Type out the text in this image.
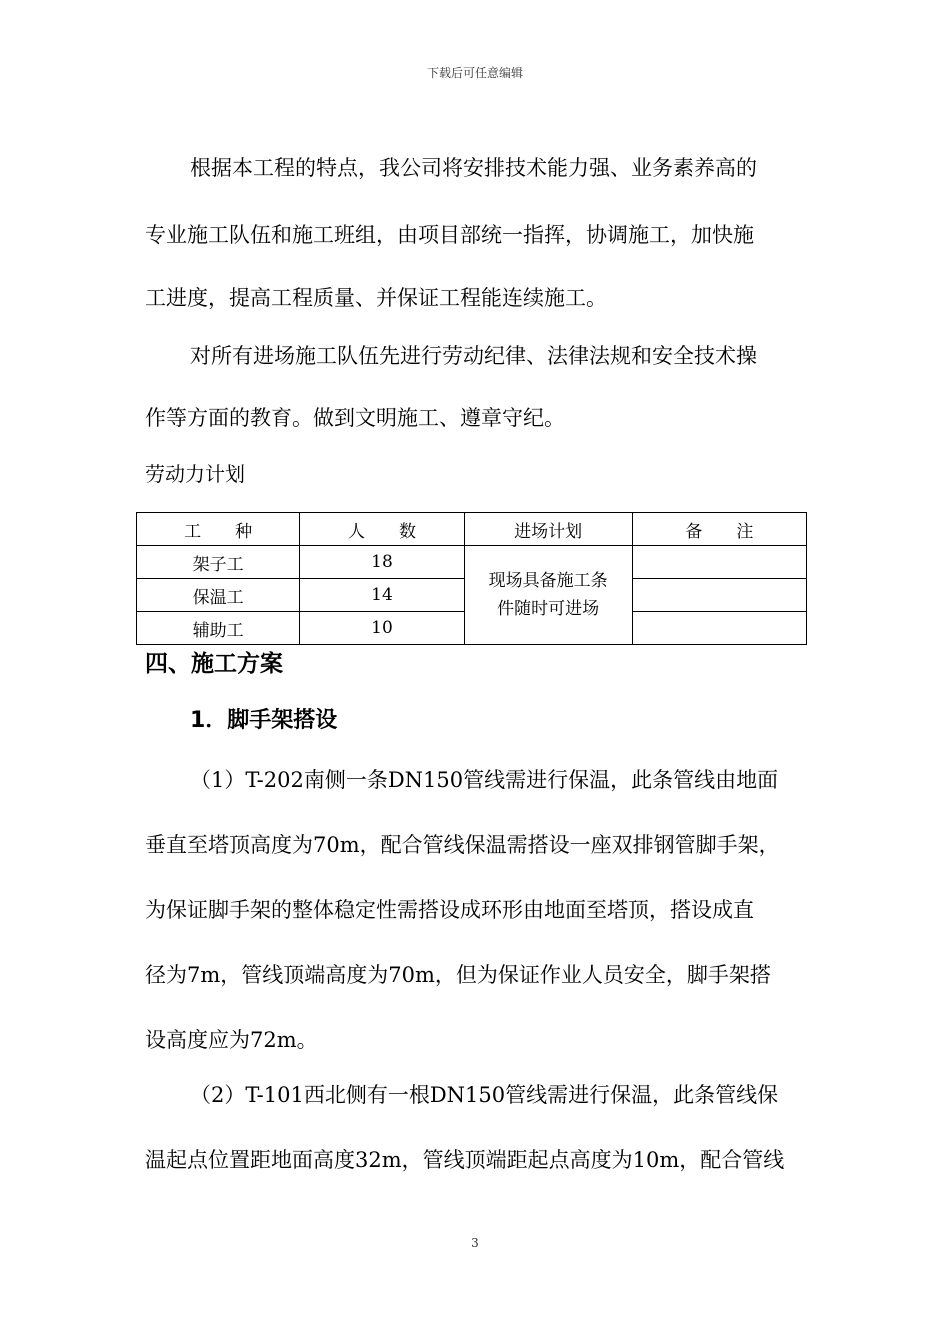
下载后可任意编辑
根据本工程的特点，我公司将安排技术能力强、业务素养高的
专业施工队伍和施工班组，由项目部统一指挥，协调施工，加快施
工进度，提高工程质量、并保证工程能连续施工。
对所有进场施工队伍先进行劳动纪律、法律法规和安全技术操
作等方面的教育。做到文明施工、遵章守纪。
劳动力计划
工　　种	人　　数	进场计划	备　　注
架子工	18	现场具备施工条
件随时可进场	
保温工	14		
辅助工	10		
四、施工方案
1．脚手架搭设
（1）T-202南侧一条DN150管线需进行保温，此条管线由地面
垂直至塔顶高度为70m，配合管线保温需搭设一座双排钢管脚手架，
为保证脚手架的整体稳定性需搭设成环形由地面至塔顶，搭设成直
径为7m，管线顶端高度为70m，但为保证作业人员安全，脚手架搭
设高度应为72m。
（2）T-101西北侧有一根DN150管线需进行保温，此条管线保
温起点位置距地面高度32m，管线顶端距起点高度为10m，配合管线
3
